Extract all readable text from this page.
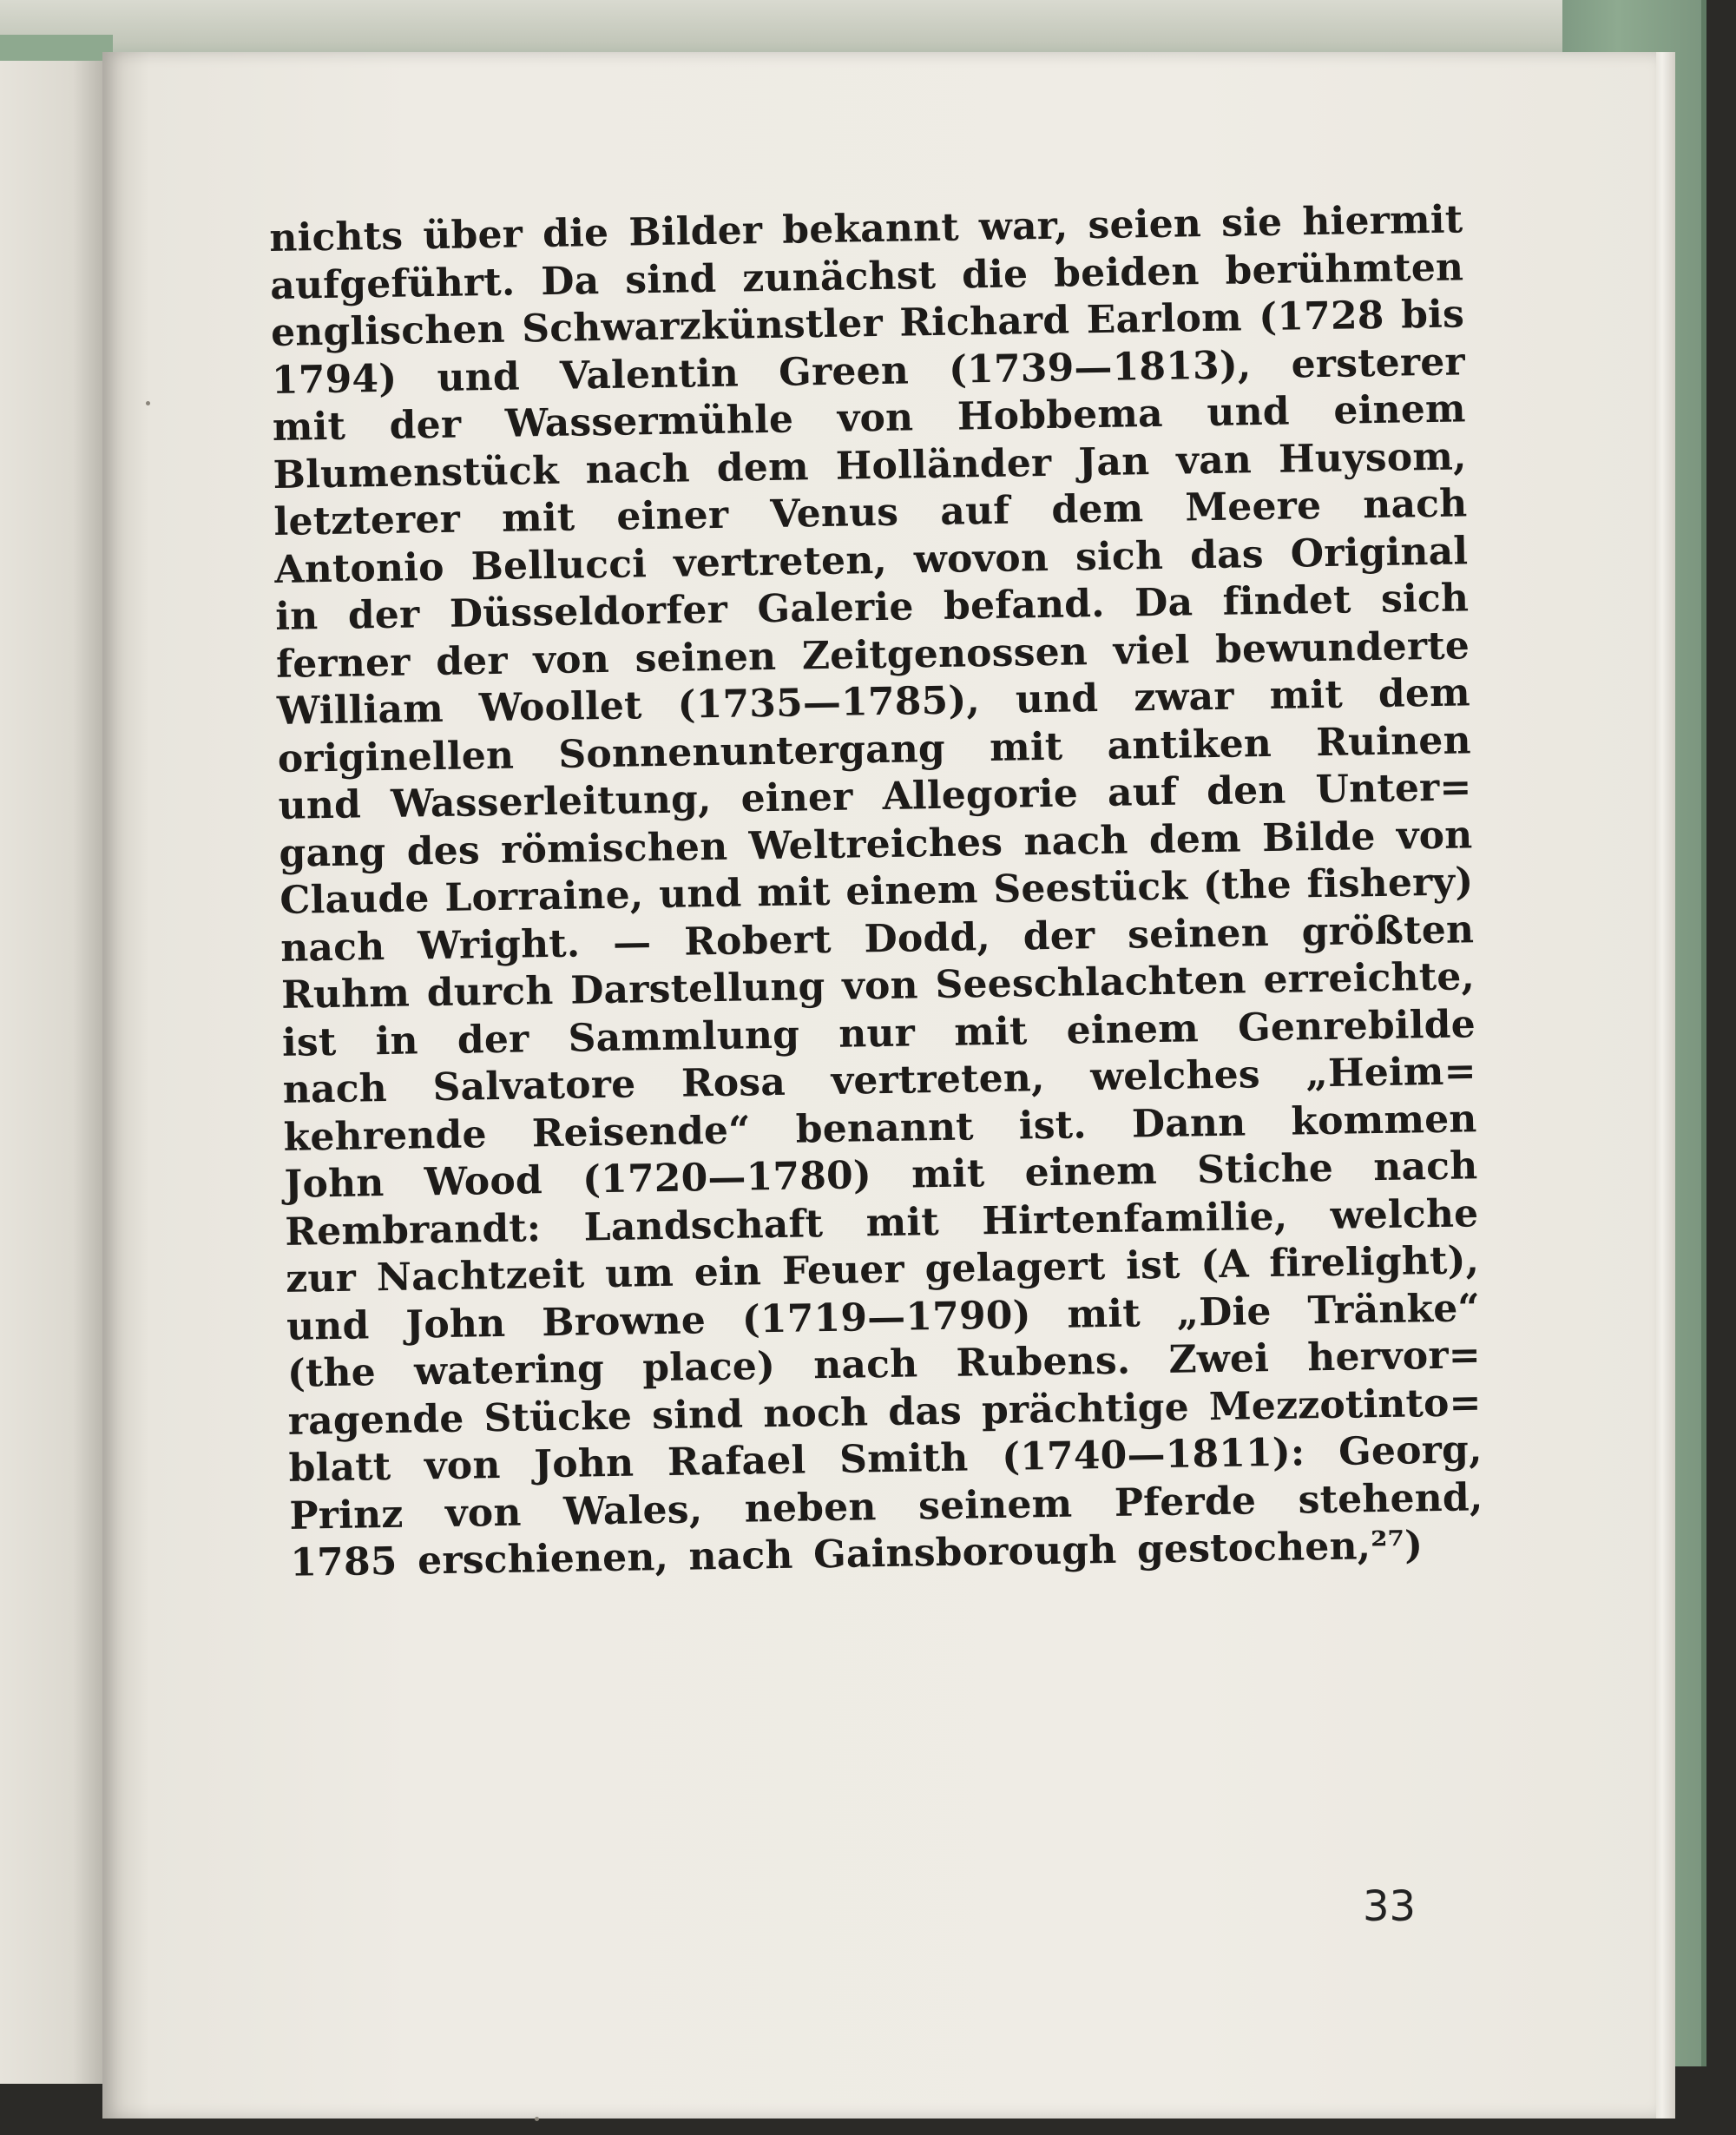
nichts über die Bilder bekannt war, seien sie hiermit
aufgeführt. Da sind zunächst die beiden berühmten
englischen Schwarzkünstler Richard Earlom (1728 bis
1794) und Valentin Green (1739—1813), ersterer
mit der Wassermühle von Hobbema und einem
Blumenstück nach dem Holländer Jan van Huysom,
letzterer mit einer Venus auf dem Meere nach
Antonio Bellucci vertreten, wovon sich das Original
in der Düsseldorfer Galerie befand. Da findet sich
ferner der von seinen Zeitgenossen viel bewunderte
William Woollet (1735—1785), und zwar mit dem
originellen Sonnenuntergang mit antiken Ruinen
und Wasserleitung, einer Allegorie auf den Unter=
gang des römischen Weltreiches nach dem Bilde von
Claude Lorraine, und mit einem Seestück (the fishery)
nach Wright. — Robert Dodd, der seinen größten
Ruhm durch Darstellung von Seeschlachten erreichte,
ist in der Sammlung nur mit einem Genrebilde
nach Salvatore Rosa vertreten, welches „Heim=
kehrende Reisende“ benannt ist. Dann kommen
John Wood (1720—1780) mit einem Stiche nach
Rembrandt: Landschaft mit Hirtenfamilie, welche
zur Nachtzeit um ein Feuer gelagert ist (A firelight),
und John Browne (1719—1790) mit „Die Tränke“
(the watering place) nach Rubens. Zwei hervor=
ragende Stücke sind noch das prächtige Mezzotinto=
blatt von John Rafael Smith (1740—1811): Georg,
Prinz von Wales, neben seinem Pferde stehend,
1785 erschienen, nach Gainsborough gestochen,²⁷)
33
